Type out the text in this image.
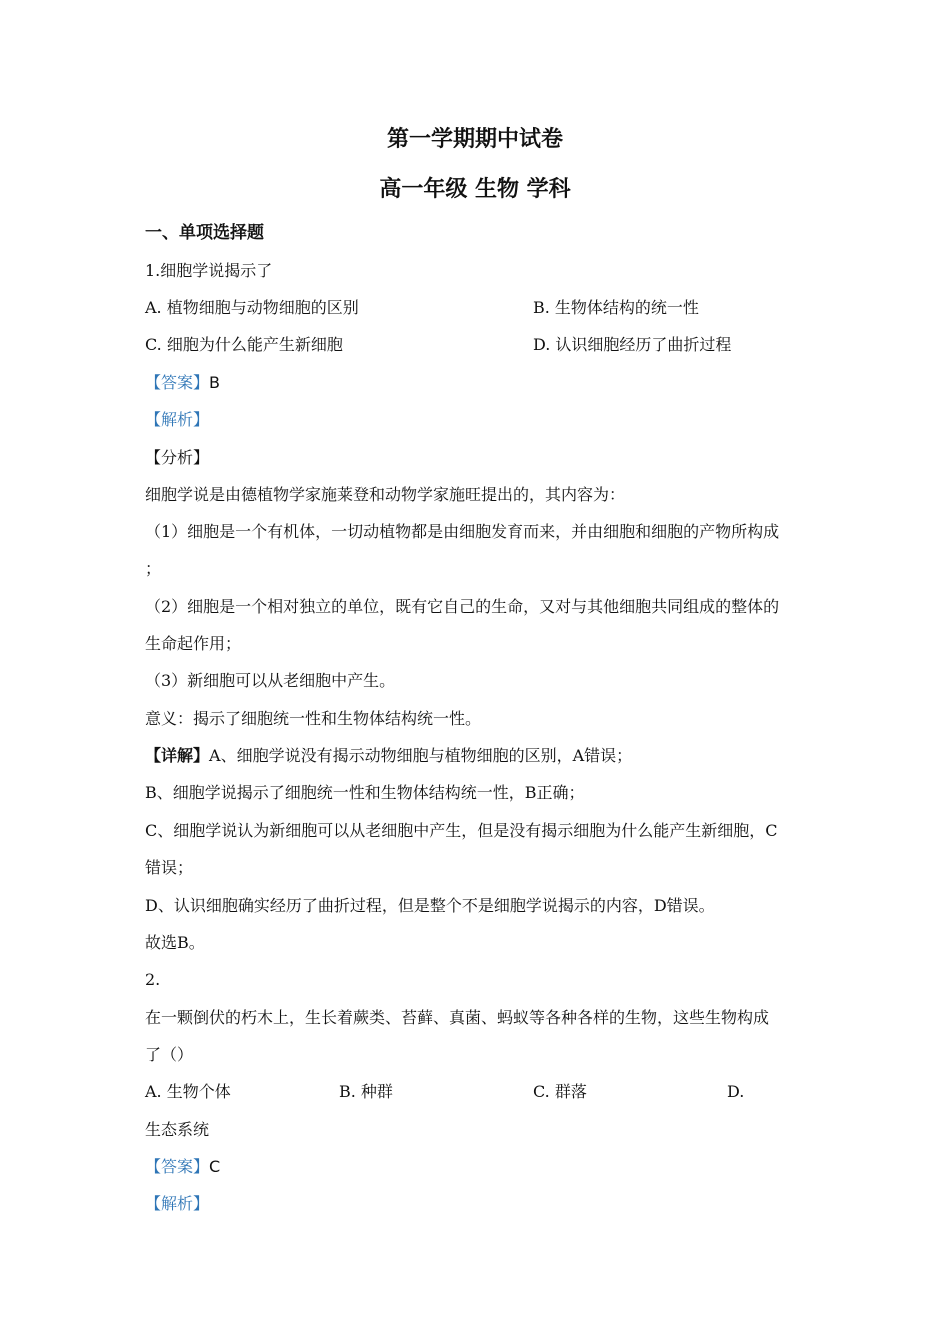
第一学期期中试卷
高一年级 生物 学科
一、单项选择题
1.细胞学说揭示了
A. 植物细胞与动物细胞的区别	B. 生物体结构的统一性
C. 细胞为什么能产生新细胞	D. 认识细胞经历了曲折过程
【答案】B
【解析】
【分析】
细胞学说是由德植物学家施莱登和动物学家施旺提出的，其内容为：
（1）细胞是一个有机体，一切动植物都是由细胞发育而来，并由细胞和细胞的产物所构成
；
（2）细胞是一个相对独立的单位，既有它自己的生命，又对与其他细胞共同组成的整体的
生命起作用；
（3）新细胞可以从老细胞中产生。
意义：揭示了细胞统一性和生物体结构统一性。
【详解】A、细胞学说没有揭示动物细胞与植物细胞的区别，A错误；
B、细胞学说揭示了细胞统一性和生物体结构统一性，B正确；
C、细胞学说认为新细胞可以从老细胞中产生，但是没有揭示细胞为什么能产生新细胞，C
错误；
D、认识细胞确实经历了曲折过程，但是整个不是细胞学说揭示的内容，D错误。
故选B。
2.
在一颗倒伏的朽木上，生长着蕨类、苔藓、真菌、蚂蚁等各种各样的生物，这些生物构成
了（）
A. 生物个体	B. 种群	C. 群落	D.
生态系统
【答案】C
【解析】
